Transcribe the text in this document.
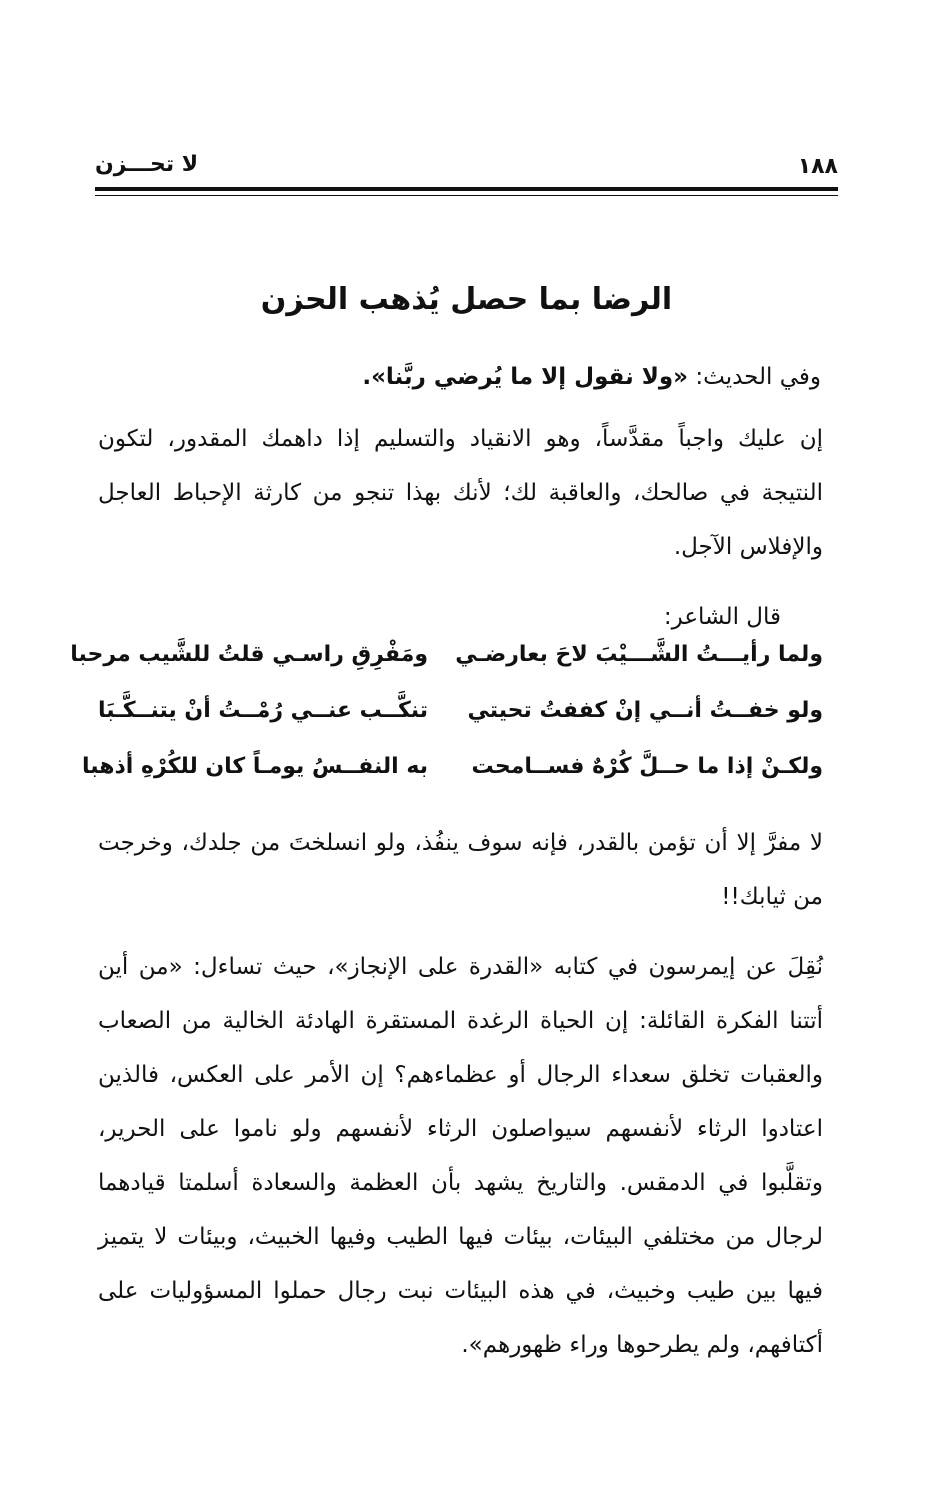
١٨٨
لا تحـــزن
الرضا بما حصل يُذهب الحزن

وفي الحديث: «ولا نقول إلا ما يُرضي ربَّنا».

إن عليك واجباً مقدَّساً، وهو الانقياد والتسليم إذا داهمك المقدور، لتكون النتيجة في صالحك، والعاقبة لك؛ لأنك بهذا تنجو من كارثة الإحباط العاجل والإفلاس الآجل.

قال الشاعر:

ولما رأيـــتُ الشَّـــيْبَ لاحَ بعارضـي
ومَفْرِقِ راسـي قلتُ للشَّيب مرحبا
ولو خفــتُ أنــي إنْ كففتُ تحيتي
تنكَّــب عنــي رُمْــتُ أنْ يتنــكَّـبَا
ولكـنْ إذا ما حــلَّ كُرْهٌ فســامحت
به النفــسُ يومـاً كان للكُرْهِ أذهبا

لا مفرَّ إلا أن تؤمن بالقدر، فإنه سوف ينفُذ، ولو انسلختَ من جلدك، وخرجت من ثيابك!!

نُقِلَ عن إيمرسون في كتابه «القدرة على الإنجاز»، حيث تساءل: «من أين أتتنا الفكرة القائلة: إن الحياة الرغدة المستقرة الهادئة الخالية من الصعاب والعقبات تخلق سعداء الرجال أو عظماءهم؟ إن الأمر على العكس، فالذين اعتادوا الرثاء لأنفسهم سيواصلون الرثاء لأنفسهم ولو ناموا على الحرير، وتقلَّبوا في الدمقس. والتاريخ يشهد بأن العظمة والسعادة أسلمتا قيادهما لرجال من مختلفي البيئات، بيئات فيها الطيب وفيها الخبيث، وبيئات لا يتميز فيها بين طيب وخبيث، في هذه البيئات نبت رجال حملوا المسؤوليات على أكتافهم، ولم يطرحوها وراء ظهورهم».
